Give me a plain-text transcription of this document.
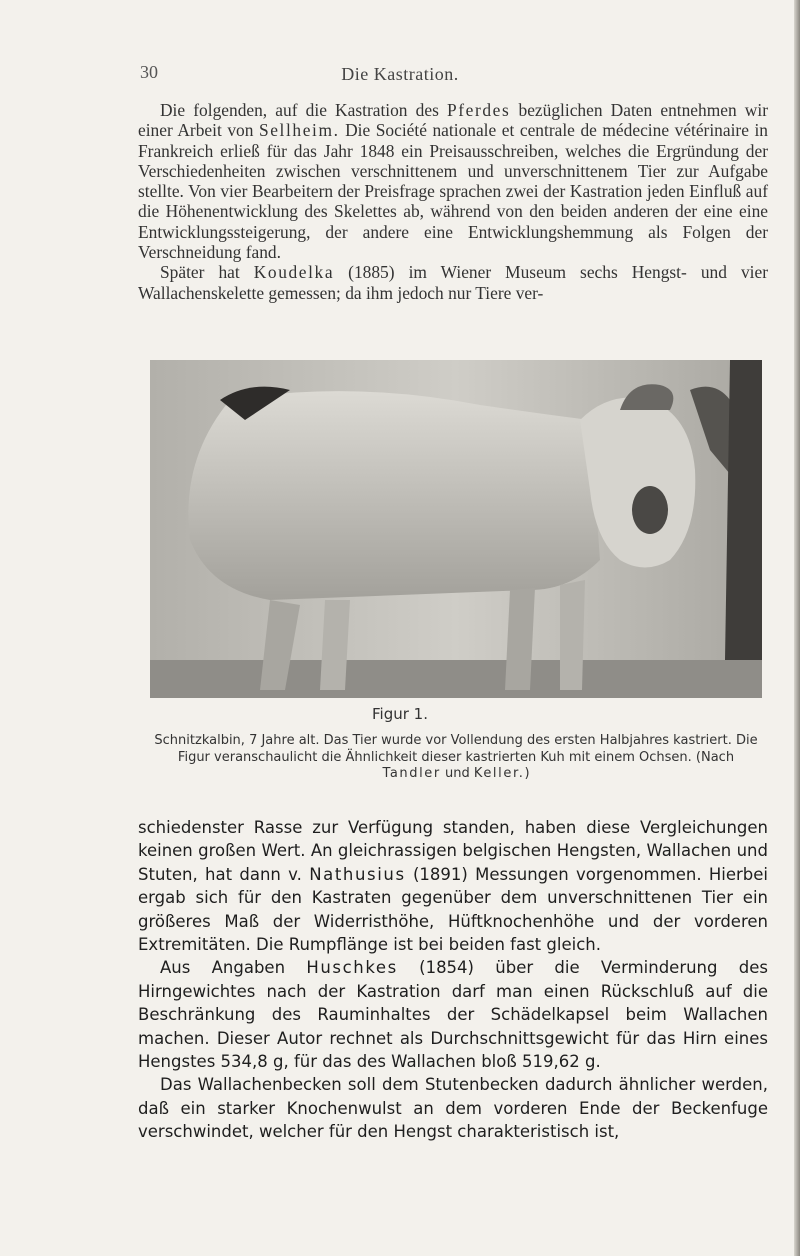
30	Die Kastration.

Die folgenden, auf die Kastration des Pferdes bezüglichen Daten entnehmen wir einer Arbeit von Sellheim. Die Société nationale et centrale de médecine vétérinaire in Frankreich erließ für das Jahr 1848 ein Preisausschreiben, welches die Ergründung der Verschiedenheiten zwischen verschnittenem und unverschnittenem Tier zur Aufgabe stellte. Von vier Bearbeitern der Preisfrage sprachen zwei der Kastration jeden Einfluß auf die Höhenentwicklung des Skelettes ab, während von den beiden anderen der eine eine Entwicklungssteigerung, der andere eine Entwicklungshemmung als Folgen der Verschneidung fand.

Später hat Koudelka (1885) im Wiener Museum sechs Hengst- und vier Wallachenskelette gemessen; da ihm jedoch nur Tiere ver-

Figur 1.
Schnitzkalbin, 7 Jahre alt. Das Tier wurde vor Vollendung des ersten Halbjahres kastriert. Die Figur veranschaulicht die Ähnlichkeit dieser kastrierten Kuh mit einem Ochsen. (Nach Tandler und Keller.)

schiedenster Rasse zur Verfügung standen, haben diese Vergleichungen keinen großen Wert. An gleichrassigen belgischen Hengsten, Wallachen und Stuten, hat dann v. Nathusius (1891) Messungen vorgenommen. Hierbei ergab sich für den Kastraten gegenüber dem unverschnittenen Tier ein größeres Maß der Widerristhöhe, Hüftknochenhöhe und der vorderen Extremitäten. Die Rumpflänge ist bei beiden fast gleich.

Aus Angaben Huschkes (1854) über die Verminderung des Hirngewichtes nach der Kastration darf man einen Rückschluß auf die Beschränkung des Rauminhaltes der Schädelkapsel beim Wallachen machen. Dieser Autor rechnet als Durchschnittsgewicht für das Hirn eines Hengstes 534,8 g, für das des Wallachen bloß 519,62 g.

Das Wallachenbecken soll dem Stutenbecken dadurch ähnlicher werden, daß ein starker Knochenwulst an dem vorderen Ende der Beckenfuge verschwindet, welcher für den Hengst charakteristisch ist,
